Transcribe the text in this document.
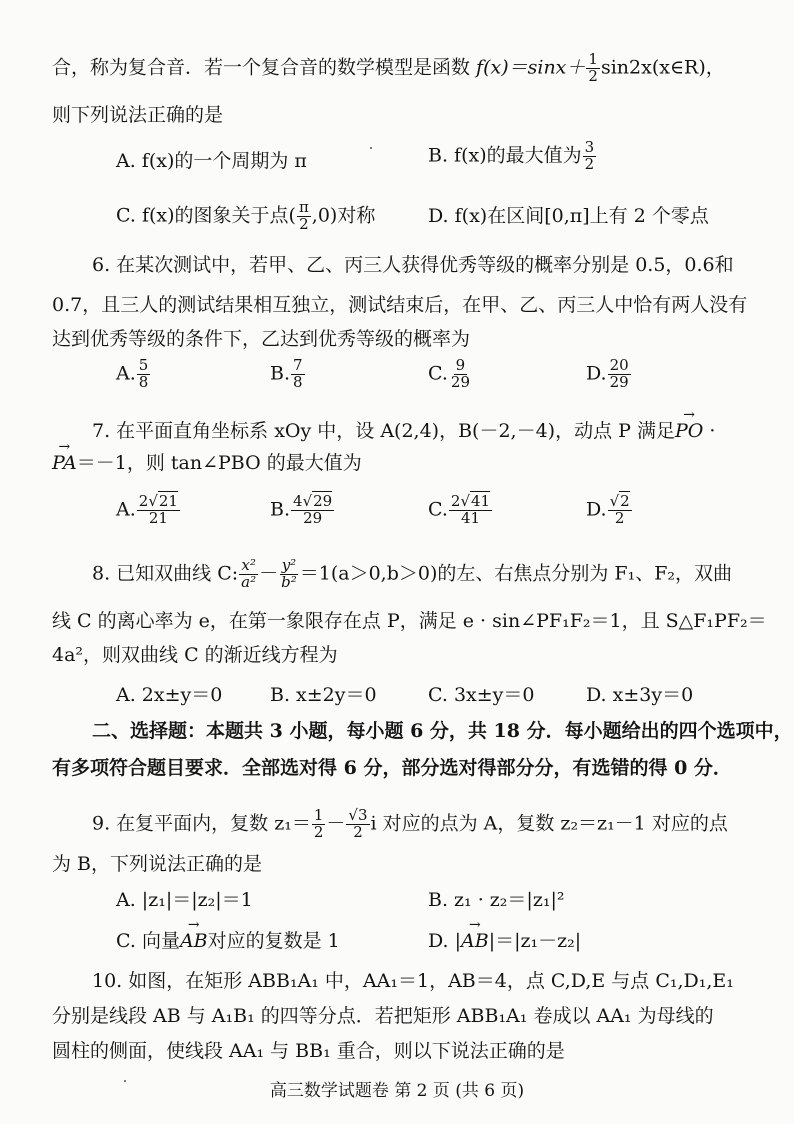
合，称为复合音．若一个复合音的数学模型是函数 $f(x)=\sin x+ \frac{1}{2}$ sin2x(x∈R)，
则下列说法正确的是
A. f(x)的一个周期为 π	B. f(x)的最大值为 $\frac{3}{2}$
C. f(x)的图象关于点( $\frac{\pi}{2} ,0$)对称	D. f(x)在区间[0,π]上有 2 个零点
6. 在某次测试中，若甲、乙、丙三人获得优秀等级的概率分别是 0.5，0.6和
0.7，且三人的测试结果相互独立，测试结束后，在甲、乙、丙三人中恰有两人没有
达到优秀等级的条件下，乙达到优秀等级的概率为
A. $\frac{5}{8}$	B. $\frac{7}{8}$	C. $\frac{9}{29}$	D. $\frac{20}{29}$
7. 在平面直角坐标系 xOy 中，设 A(2,4)，B(－2,－4)，动点 P 满足→ PO ·
→ PA＝－1，则 tan∠PBO 的最大值为
A. $\frac{2√21}{21}$	B. $\frac{4√29}{29}$	C. $\frac{2√41}{41}$	D. $\frac{√2}{2}$
8. 已知双曲线 C: $\frac{\text{x²}}{\text{a²}} - \frac{\text{y²}}{\text{b²}} =1(a>0,b>0)$的左、右焦点分别为 F₁、F₂，双曲
线 C 的离心率为 e，在第一象限存在点 P，满足 e · sin∠PF₁F₂＝1，且 S△F₁PF₂＝
4a²，则双曲线 C 的渐近线方程为
A. 2x±y＝0	B. x±2y＝0	C. 3x±y＝0	D. x±3y＝0
二、选择题：本题共 3 小题，每小题 6 分，共 18 分．每小题给出的四个选项中，
有多项符合题目要求．全部选对得 6 分，部分选对得部分分，有选错的得 0 分．
9. 在复平面内，复数 $z_1= \frac{1}{2} - \frac{√3}{2}$ i 对应的点为 A，复数 z₂＝z₁－1 对应的点
为 B，下列说法正确的是
A. |z₁|＝|z₂|＝1	B. z₁ · z₂＝|z₁|²
C. 向量→ AB对应的复数是 1	D. |→ AB|＝|z₁－z₂|
10. 如图，在矩形 ABB₁A₁ 中，AA₁＝1，AB＝4，点 C,D,E 与点 C₁,D₁,E₁
分别是线段 AB 与 A₁B₁ 的四等分点．若把矩形 ABB₁A₁ 卷成以 AA₁ 为母线的
圆柱的侧面，使线段 AA₁ 与 BB₁ 重合，则以下说法正确的是
高三数学试题卷 第 2 页 (共 6 页)
